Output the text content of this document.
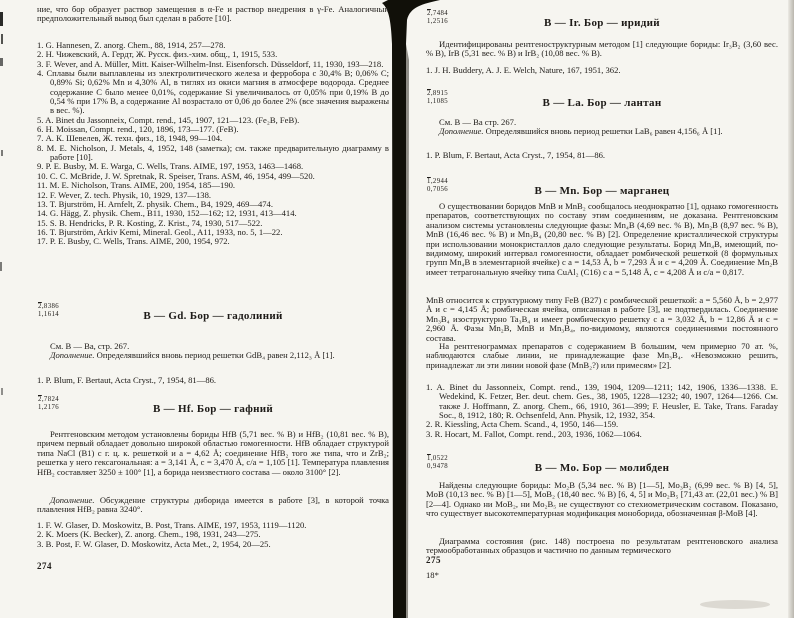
ние, что бор образует раствор замещения в α-Fe и раствор внедрения в γ-Fe. Аналогичный предположительный вывод был сделан в работе [10].
1. G. Hannesen, Z. anorg. Chem., 88, 1914, 257—278.
2. Н. Чижевский, А. Гердт, Ж. Русск. физ.-хим. общ., 1, 1915, 533.
3. F. Wever, and A. Müller, Mitt. Kaiser-Wilhelm-Inst. Eisenforsch. Düsseldorf, 11, 1930, 193—218.
4. Сплавы были выплавлены из электролитического железа и ферробора с 30,4% В; 0,06% С; 0,89% Si; 0,62% Mn и 4,30% Al, в тиглях из окиси магния в атмосфере водорода. Среднее содержание С было менее 0,01%, содержание Si увеличивалось от 0,05% при 0,19% В до 0,54 % при 17% В, а содержание Al возрастало от 0,06 до более 2% (все значения выражены в вес. %).
5. A. Binet du Jassonneix, Compt. rend., 145, 1907, 121—123. (Fe₂B, FeB).
6. H. Moissan, Compt. rend., 120, 1896, 173—177. (FeB).
7. А. К. Шевелев, Ж. техн. физ., 18, 1948, 99—104.
8. M. E. Nicholson, J. Metals, 4, 1952, 148 (заметка); см. также предварительную диаграмму в работе [10].
9. P. E. Busby, M. E. Warga, C. Wells, Trans. AIME, 197, 1953, 1463—1468.
10. C. C. McBride, J. W. Spretnak, R. Speiser, Trans. ASM, 46, 1954, 499—520.
11. M. E. Nicholson, Trans. AIME, 200, 1954, 185—190.
12. F. Wever, Z. tech. Physik, 10, 1929, 137—138.
13. T. Bjurström, H. Arnfelt, Z. physik. Chem., B4, 1929, 469—474.
14. G. Hägg, Z. physik. Chem., B11, 1930, 152—162; 12, 1931, 413—414.
15. S. B. Hendricks, P. R. Kosting, Z. Krist., 74, 1930, 517—522.
16. T. Bjurström, Arkiv Kemi, Mineral. Geol., A11, 1933, no. 5, 1—22.
17. P. E. Busby, C. Wells, Trans. AIME, 200, 1954, 972.
2,8386
1,1614	В — Gd. Бор — гадолиний
См. В — Ва, стр. 267.
Дополнение. Определявшийся вновь период решетки GdB₄ равен 2,112₃ Å [1].
1. P. Blum, F. Bertaut, Acta Cryst., 7, 1954, 81—86.
2,7824
1,2176	В — Hf. Бор — гафний
Рентгеновским методом установлены бориды HfB (5,71 вес. % В) и HfB₂ (10,81 вес. % В), причем первый обладает довольно широкой областью гомогенности. HfB обладает структурой типа NaCl (В1) с г. ц. к. решеткой и a = 4,62 Å; соединение HfB₂ того же типа, что и ZrB₂; решетка у него гексагональная: a = 3,141 Å, c = 3,470 Å, c/a = 1,105 [1]. Температура плавления HfB₂ составляет 3250 ± 100° [1], а борида неизвестного состава — около 3100° [2].
Дополнение. Обсуждение структуры диборида имеется в работе [3], в которой точка плавления HfB₂ равна 3240°.
1. F. W. Glaser, D. Moskowitz, B. Post, Trans. AIME, 197, 1953, 1119—1120.
2. K. Moers (K. Becker), Z. anorg. Chem., 198, 1931, 243—275.
3. B. Post, F. W. Glaser, D. Moskowitz, Acta Met., 2, 1954, 20—25.
274
2,7484
1,2516	В — Ir. Бор — иридий
Идентифицированы рентгеноструктурным методом [1] следующие бориды: Ir₃B₂ (3,60 вес. % В), IrB (5,31 вес. % В) и IrB₂ (10,08 вес. % В).
1. J. H. Buddery, A. J. E. Welch, Nature, 167, 1951, 362.
2,8915
1,1085	В — La. Бор — лантан
См. В — Ва стр. 267.
Дополнение. Определявшийся вновь период решетки LaB₆ равен 4,156₆ Å [1].
1. P. Blum, F. Bertaut, Acta Cryst., 7, 1954, 81—86.
1,2944
0,7056	В — Mn. Бор — марганец
О существовании боридов MnB и MnB₂ сообщалось неоднократно [1], однако гомогенность препаратов, соответствующих по составу этим соединениям, не доказана. Рентгеновским анализом системы установлены следующие фазы: Mn₄B (4,69 вес. % В), Mn₂B (8,97 вес. % В), MnB (16,46 вес. % В) и Mn₃B₄ (20,80 вес. % В) [2]. Определение кристаллической структуры при использовании монокристаллов дало следующие результаты. Борид Mn₄B, имеющий, по-видимому, широкий интервал гомогенности, обладает ромбической решеткой (8 формульных групп Mn₄B в элементарной ячейке) с a = 14,53 Å, b = 7,293 Å и c = 4,209 Å. Соединение Mn₂B имеет тетрагональную ячейку типа CuAl₂ (С16) с a = 5,148 Å, c = 4,208 Å и c/a = 0,817.
MnB относится к структурному типу FeB (В27) с ромбической решеткой: a = 5,560 Å, b = 2,977 Å и c = 4,145 Å; ромбическая ячейка, описанная в работе [3], не подтвердилась. Соединение Mn₃B₄ изоструктурно Ta₃B₄ и имеет ромбическую решетку с a = 3,032 Å, b = 12,86 Å и c = 2,960 Å. Фазы Mn₂B, MnB и Mn₃B₄, по-видимому, являются соединениями постоянного состава.
На рентгенограммах препаратов с содержанием В большим, чем примерно 70 ат. %, наблюдаются слабые линии, не принадлежащие фазе Mn₃B₄. «Невозможно решить, принадлежат ли эти линии новой фазе (MnB₂?) или примесям» [2].
1. A. Binet du Jassonneix, Compt. rend., 139, 1904, 1209—1211; 142, 1906, 1336—1338. E. Wedekind, K. Fetzer, Ber. deut. chem. Ges., 38, 1905, 1228—1232; 40, 1907, 1264—1266. См. также J. Hoffmann, Z. anorg. Chem., 66, 1910, 361—399; F. Heusler, E. Take, Trans. Faraday Soc., 8, 1912, 180; R. Ochsenfeld, Ann. Physik, 12, 1932, 354.
2. R. Kiessling, Acta Chem. Scand., 4, 1950, 146—159.
3. R. Hocart, M. Fallot, Compt. rend., 203, 1936, 1062—1064.
1,0522
0,9478	В — Mo. Бор — молибден
Найдены следующие бориды: Mo₂B (5,34 вес. % В) [1—5], Mo₃B₂ (6,99 вес. % В) [4, 5], MoB (10,13 вес. % В) [1—5], MoB₂ (18,40 вес. % В) [6, 4, 5] и Mo₂B₅ [71,43 ат. (22,01 вес.) % В] [2—4]. Однако ни MoB₂, ни Mo₂B₅ не существуют со стехиометрическим составом. Показано, что существует высокотемпературная модификация моноборида, обозначенная β-MoB [4].
Диаграмма состояния (рис. 148) построена по результатам рентгеновского анализа термообработанных образцов и частично по данным термического
275
18*
